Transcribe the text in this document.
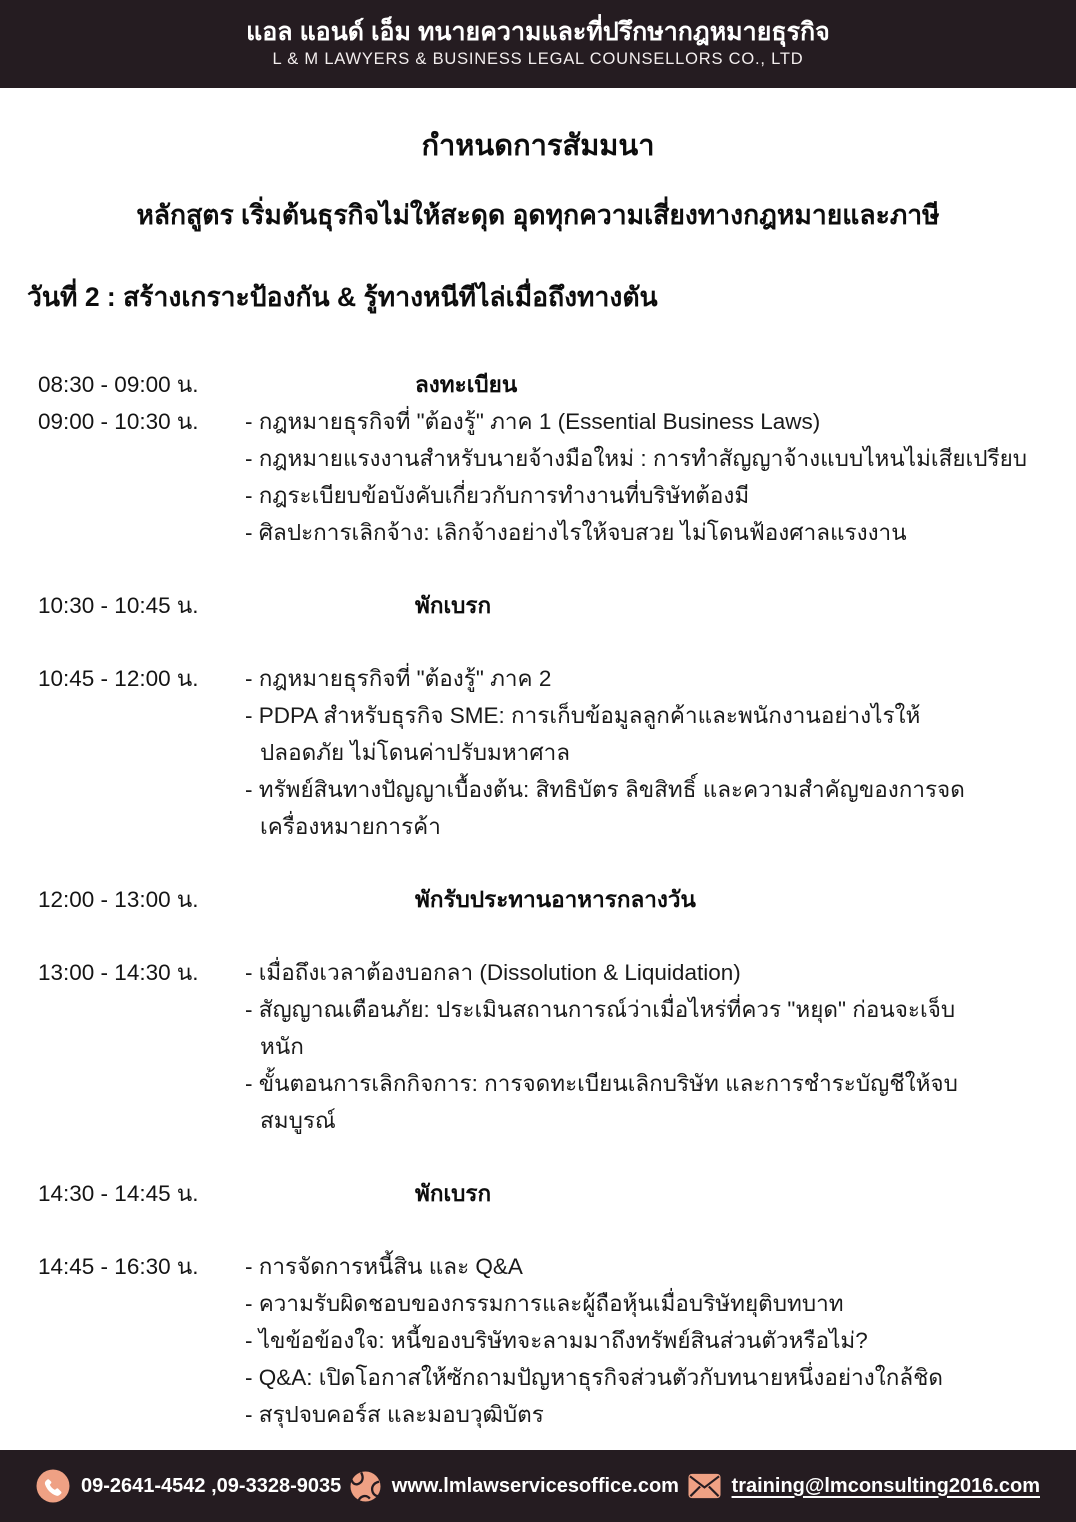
แอล แอนด์ เอ็ม ทนายความและที่ปรึกษากฎหมายธุรกิจ
L & M LAWYERS & BUSINESS LEGAL COUNSELLORS CO., LTD
กำหนดการสัมมนา
หลักสูตร เริ่มต้นธุรกิจไม่ให้สะดุด อุดทุกความเสี่ยงทางกฎหมายและภาษี
วันที่ 2 : สร้างเกราะป้องกัน & รู้ทางหนีทีไล่เมื่อถึงทางตัน
08:30 - 09:00 น.	ลงทะเบียน
09:00 - 10:30 น.	- กฎหมายธุรกิจที่ "ต้องรู้" ภาค 1 (Essential Business Laws)
- กฎหมายแรงงานสำหรับนายจ้างมือใหม่ : การทำสัญญาจ้างแบบไหนไม่เสียเปรียบ
- กฎระเบียบข้อบังคับเกี่ยวกับการทำงานที่บริษัทต้องมี
- ศิลปะการเลิกจ้าง: เลิกจ้างอย่างไรให้จบสวย ไม่โดนฟ้องศาลแรงงาน
10:30 - 10:45 น.	พักเบรก
10:45 - 12:00 น.	- กฎหมายธุรกิจที่ "ต้องรู้" ภาค 2
- PDPA สำหรับธุรกิจ SME: การเก็บข้อมูลลูกค้าและพนักงานอย่างไรให้
ปลอดภัย ไม่โดนค่าปรับมหาศาล
- ทรัพย์สินทางปัญญาเบื้องต้น: สิทธิบัตร ลิขสิทธิ์ และความสำคัญของการจด
เครื่องหมายการค้า
12:00 - 13:00 น.	พักรับประทานอาหารกลางวัน
13:00 - 14:30 น.	- เมื่อถึงเวลาต้องบอกลา (Dissolution & Liquidation)
- สัญญาณเตือนภัย: ประเมินสถานการณ์ว่าเมื่อไหร่ที่ควร "หยุด" ก่อนจะเจ็บ
หนัก
- ขั้นตอนการเลิกกิจการ: การจดทะเบียนเลิกบริษัท และการชำระบัญชีให้จบ
สมบูรณ์
14:30 - 14:45 น.	พักเบรก
14:45 - 16:30 น.	- การจัดการหนี้สิน และ Q&A
- ความรับผิดชอบของกรรมการและผู้ถือหุ้นเมื่อบริษัทยุติบทบาท
- ไขข้อข้องใจ: หนี้ของบริษัทจะลามมาถึงทรัพย์สินส่วนตัวหรือไม่?
- Q&A: เปิดโอกาสให้ซักถามปัญหาธุรกิจส่วนตัวกับทนายหนึ่งอย่างใกล้ชิด
- สรุปจบคอร์ส และมอบวุฒิบัตร
09-2641-4542 ,09-3328-9035	www.lmlawservicesoffice.com	training@lmconsulting2016.com
